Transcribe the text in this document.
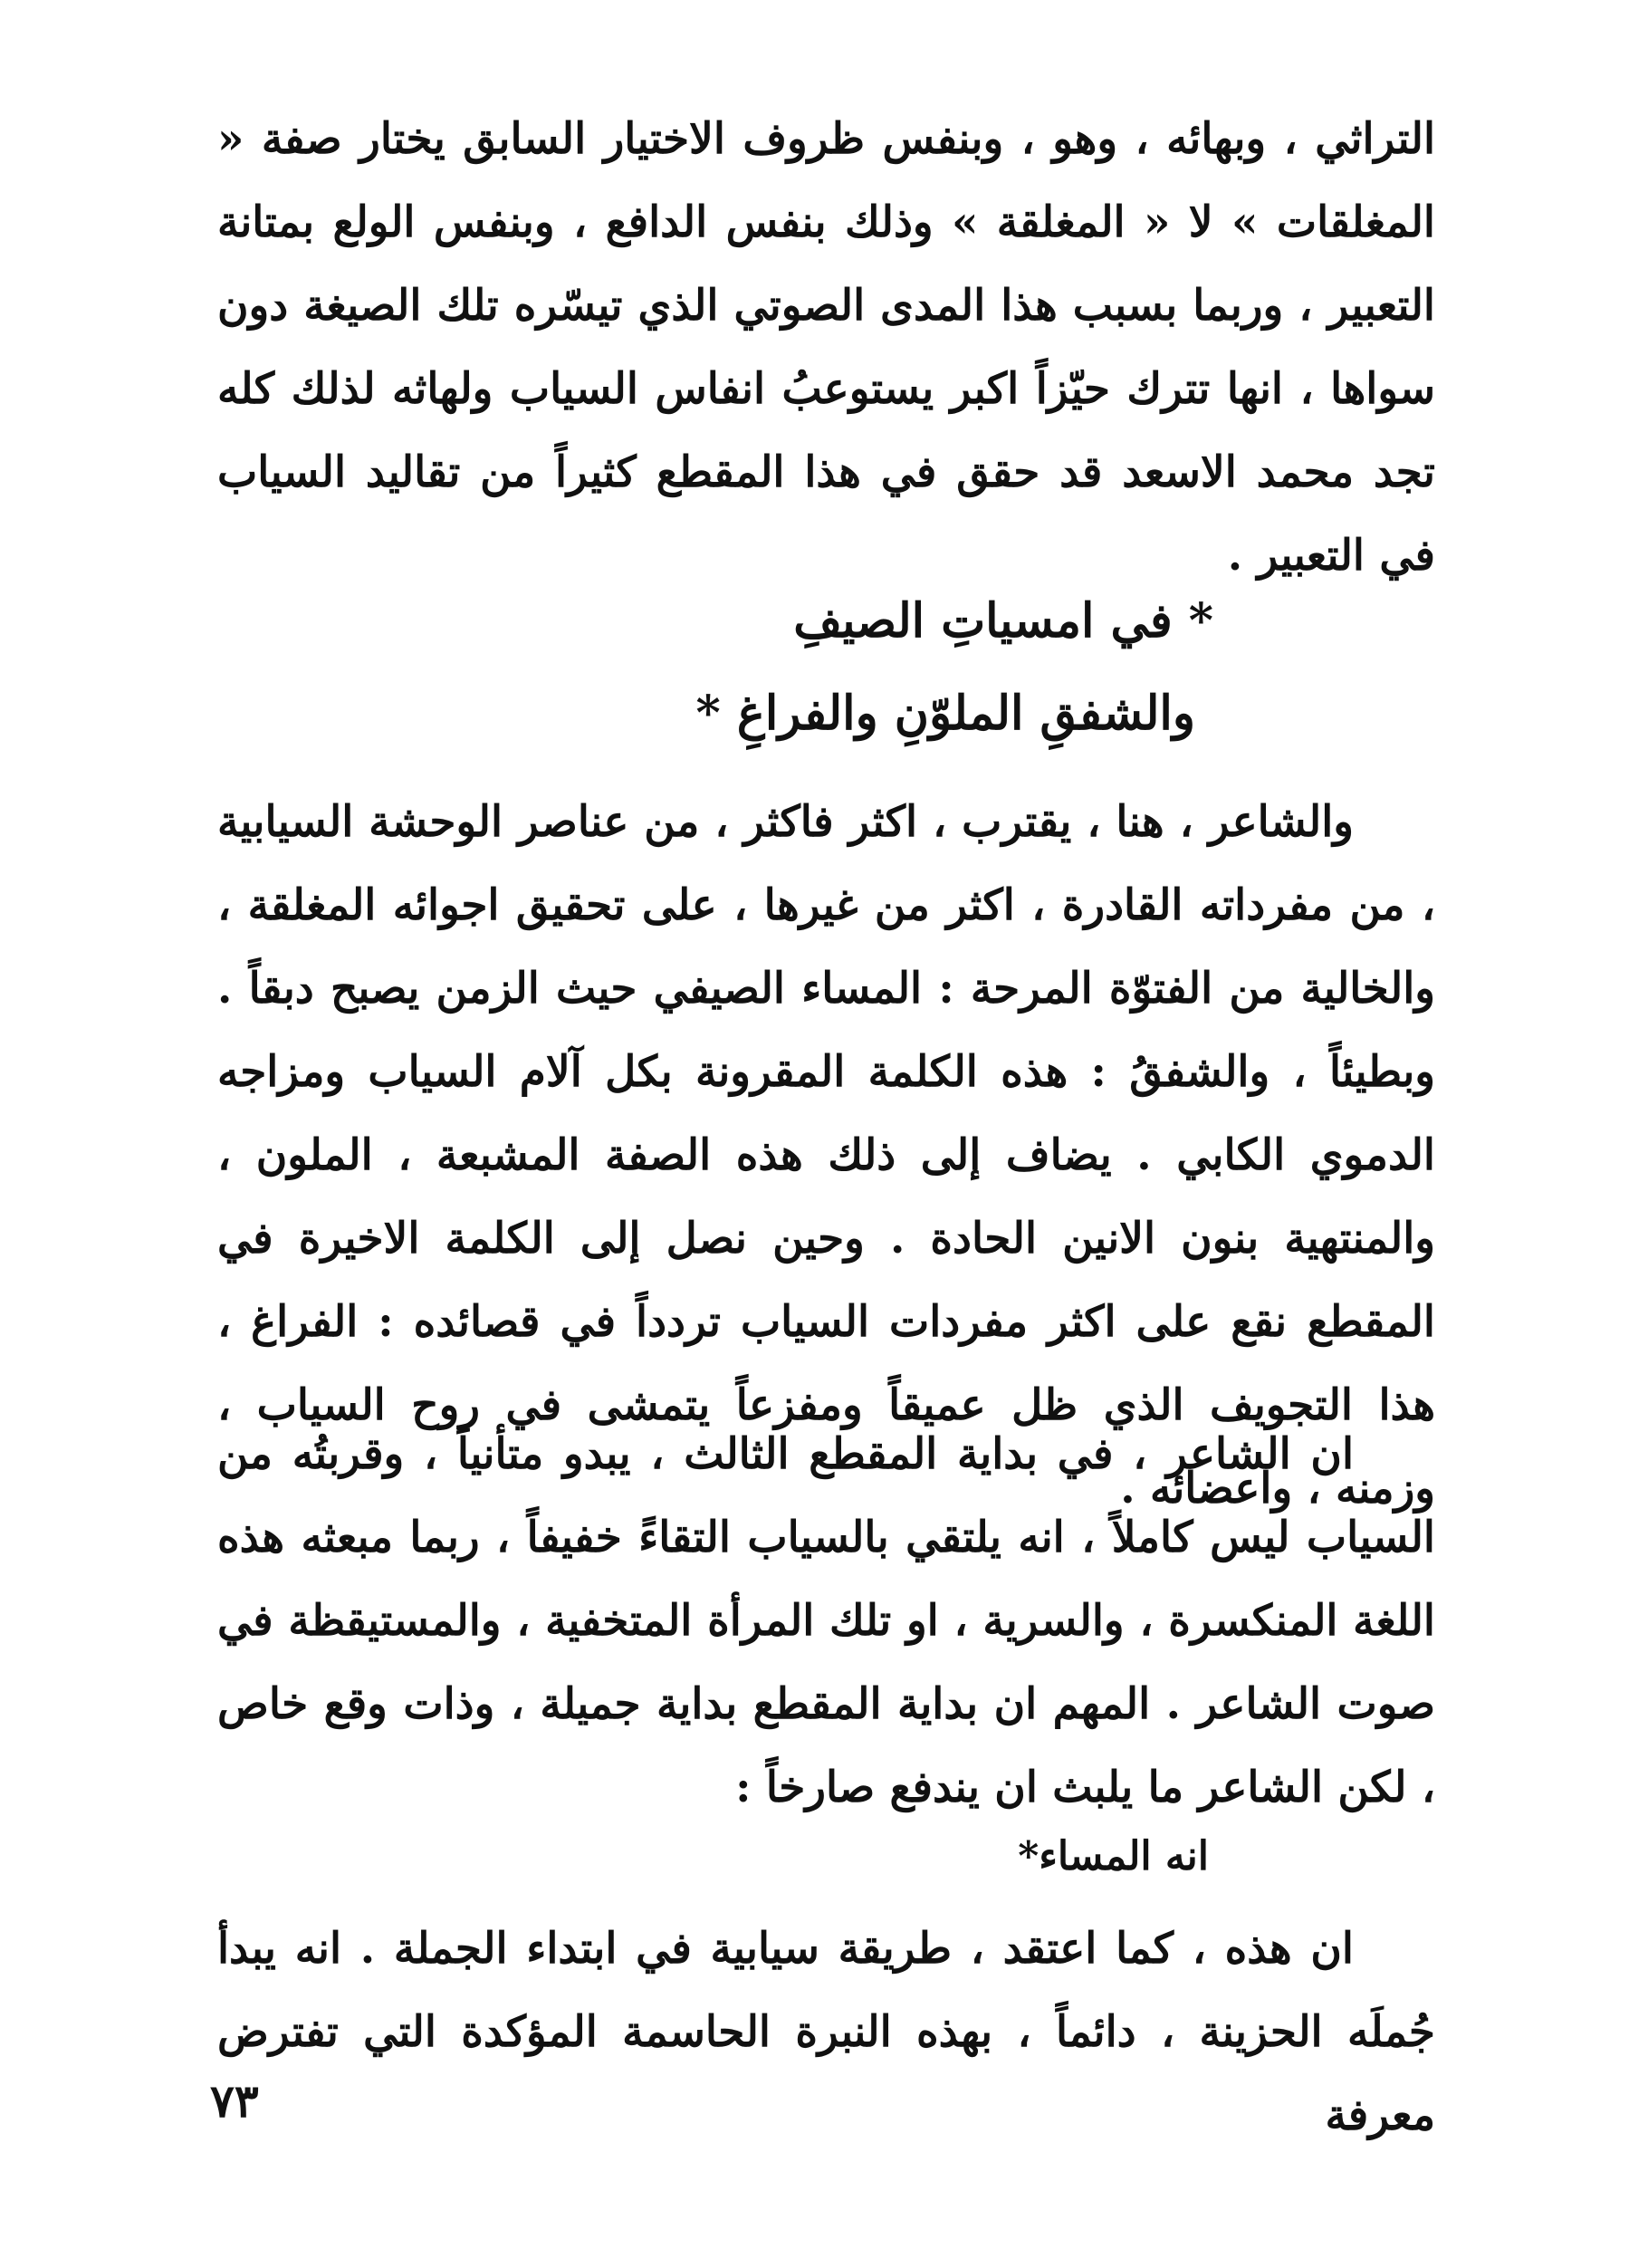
التراثي ، وبهائه ، وهو ، وبنفس ظروف الاختيار السابق يختار صفة « المغلقات » لا « المغلقة » وذلك بنفس الدافع ، وبنفس الولع بمتانة التعبير ، وربما بسبب هذا المدى الصوتي الذي تيسّره تلك الصيغة دون سواها ، انها تترك حيّزاً اكبر يستوعبُ انفاس السياب ولهاثه لذلك كله تجد محمد الاسعد قد حقق في هذا المقطع كثيراً من تقاليد السياب في التعبير .

* في امسياتِ الصيفِ
والشفقِ الملوّنِ والفراغِ *

والشاعر ، هنا ، يقترب ، اكثر فاكثر ، من عناصر الوحشة السيابية ، من مفرداته القادرة ، اكثر من غيرها ، على تحقيق اجوائه المغلقة ، والخالية من الفتوّة المرحة : المساء الصيفي حيث الزمن يصبح دبقاً . وبطيئاً ، والشفقُ : هذه الكلمة المقرونة بكل آلام السياب ومزاجه الدموي الكابي . يضاف إلى ذلك هذه الصفة المشبعة ، الملون ، والمنتهية بنون الانين الحادة . وحين نصل إلى الكلمة الاخيرة في المقطع نقع على اكثر مفردات السياب تردداً في قصائده : الفراغ ، هذا التجويف الذي ظل عميقاً ومفزعاً يتمشى في روح السياب ، وزمنه ، واعضائه .

ان الشاعر ، في بداية المقطع الثالث ، يبدو متأنياً ، وقربتُه من السياب ليس كاملاً ، انه يلتقي بالسياب التقاءً خفيفاً ، ربما مبعثه هذه اللغة المنكسرة ، والسرية ، او تلك المرأة المتخفية ، والمستيقظة في صوت الشاعر . المهم ان بداية المقطع بداية جميلة ، وذات وقع خاص ، لكن الشاعر ما يلبث ان يندفع صارخاً :

انه المساء*

ان هذه ، كما اعتقد ، طريقة سيابية في ابتداء الجملة . انه يبدأ جُملَه الحزينة ، دائماً ، بهذه النبرة الحاسمة المؤكدة التي تفترض معرفة

٧٣
